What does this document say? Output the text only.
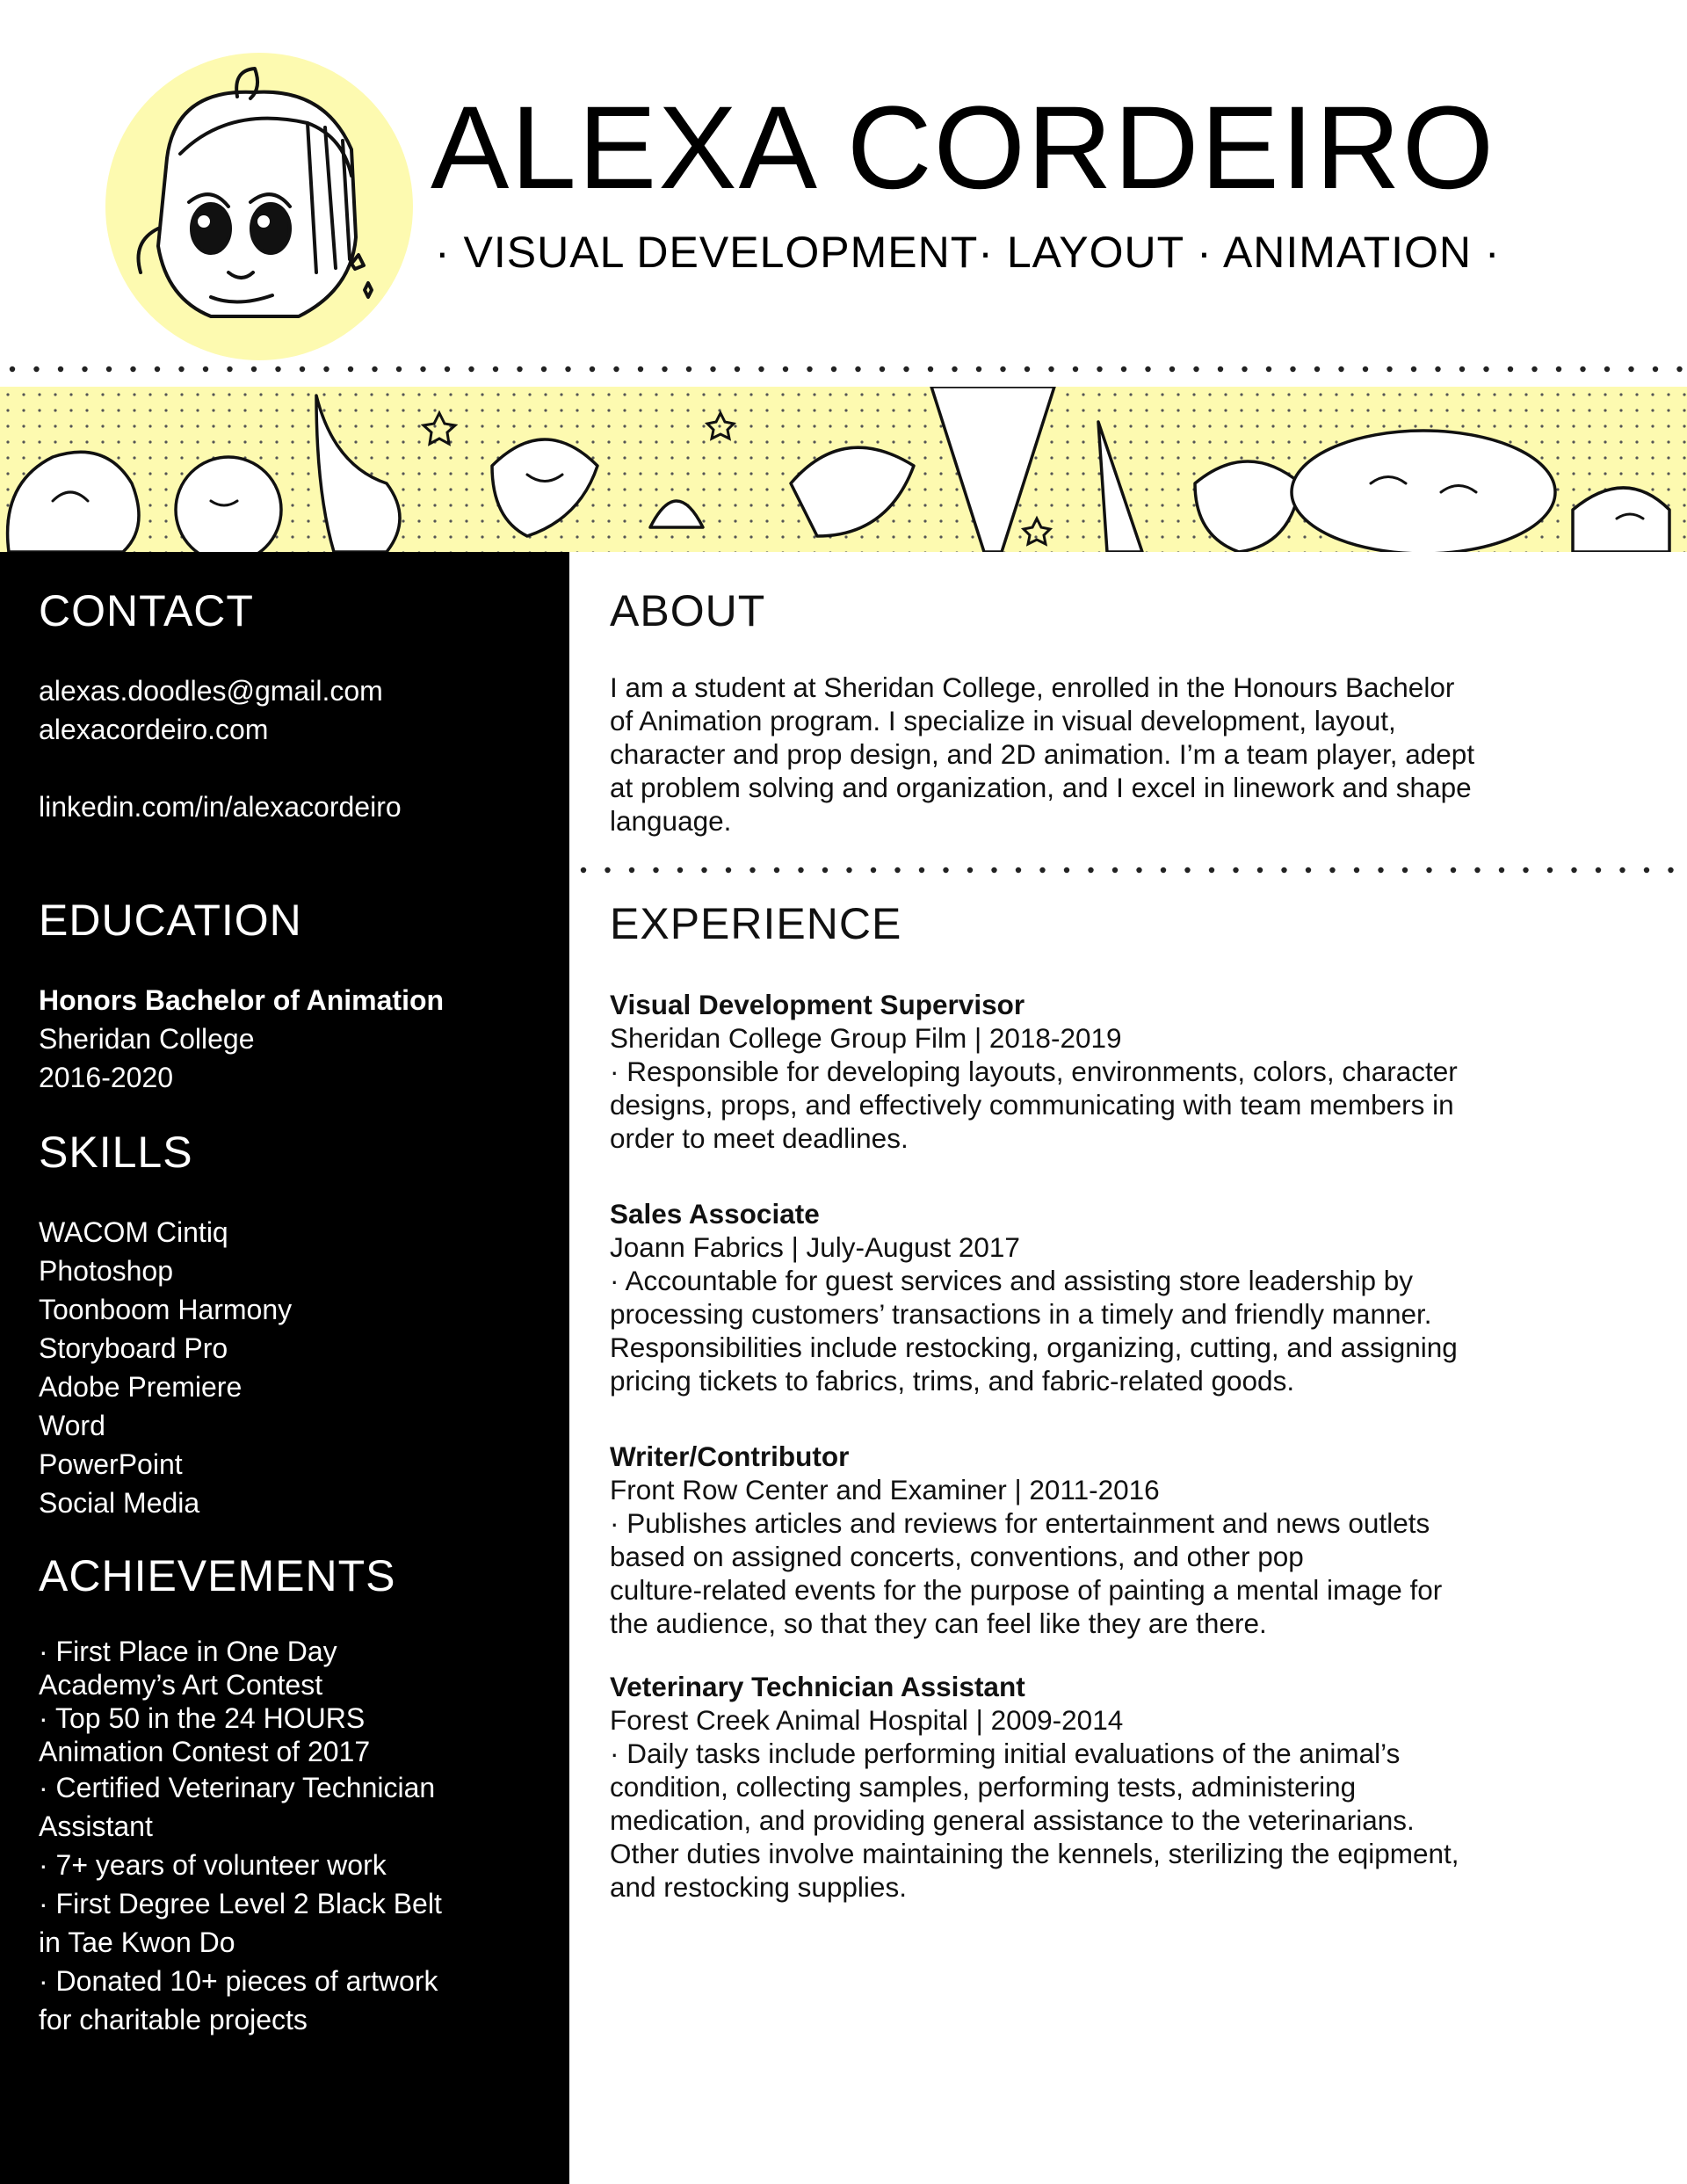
ALEXA CORDEIRO
· VISUAL DEVELOPMENT· LAYOUT · ANIMATION ·
CONTACT
alexas.doodles@gmail.com
alexacordeiro.com
linkedin.com/in/alexacordeiro
EDUCATION
Honors Bachelor of Animation
Sheridan College
2016-2020
SKILLS
WACOM Cintiq
Photoshop
Toonboom Harmony
Storyboard Pro
Adobe Premiere
Word
PowerPoint
Social Media
ACHIEVEMENTS
· First Place in One Day
Academy’s Art Contest
· Top 50 in the 24 HOURS
Animation Contest of 2017
· Certified Veterinary Technician
Assistant
· 7+ years of volunteer work
· First Degree Level 2 Black Belt
in Tae Kwon Do
· Donated 10+ pieces of artwork
for charitable projects
ABOUT
I am a student at Sheridan College, enrolled in the Honours Bachelor
of Animation program. I specialize in visual development, layout,
character and prop design, and 2D animation. I’m a team player, adept
at problem solving and organization, and I excel in linework and shape
language.
EXPERIENCE
Visual Development Supervisor
Sheridan College Group Film | 2018-2019
· Responsible for developing layouts, environments, colors, character
designs, props, and effectively communicating with team members in
order to meet deadlines.
Sales Associate
Joann Fabrics | July-August 2017
· Accountable for guest services and assisting store leadership by
processing customers’ transactions in a timely and friendly manner.
Responsibilities include restocking, organizing, cutting, and assigning
pricing tickets to fabrics, trims, and fabric-related goods.
Writer/Contributor
Front Row Center and Examiner | 2011-2016
· Publishes articles and reviews for entertainment and news outlets
based on assigned concerts, conventions, and other pop
culture-related events for the purpose of painting a mental image for
the audience, so that they can feel like they are there.
Veterinary Technician Assistant
Forest Creek Animal Hospital | 2009-2014
· Daily tasks include performing initial evaluations of the animal’s
condition, collecting samples, performing tests, administering
medication, and providing general assistance to the veterinarians.
Other duties involve maintaining the kennels, sterilizing the eqipment,
and restocking supplies.
